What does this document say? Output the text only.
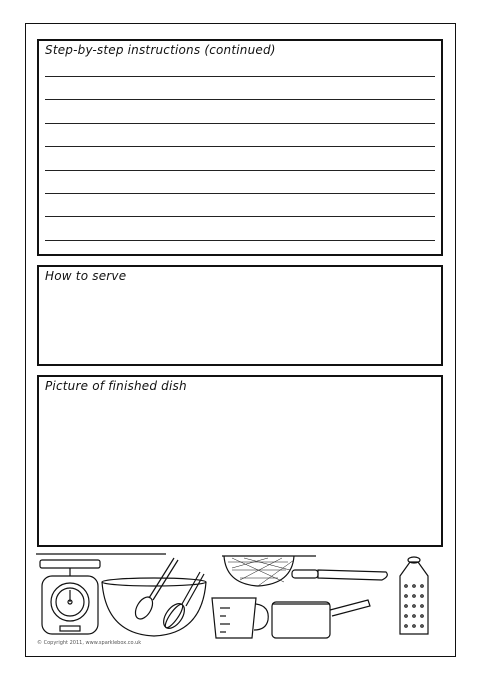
Step-by-step instructions (continued)
How to serve
Picture of finished dish
© Copyright 2011, www.sparklebox.co.uk
